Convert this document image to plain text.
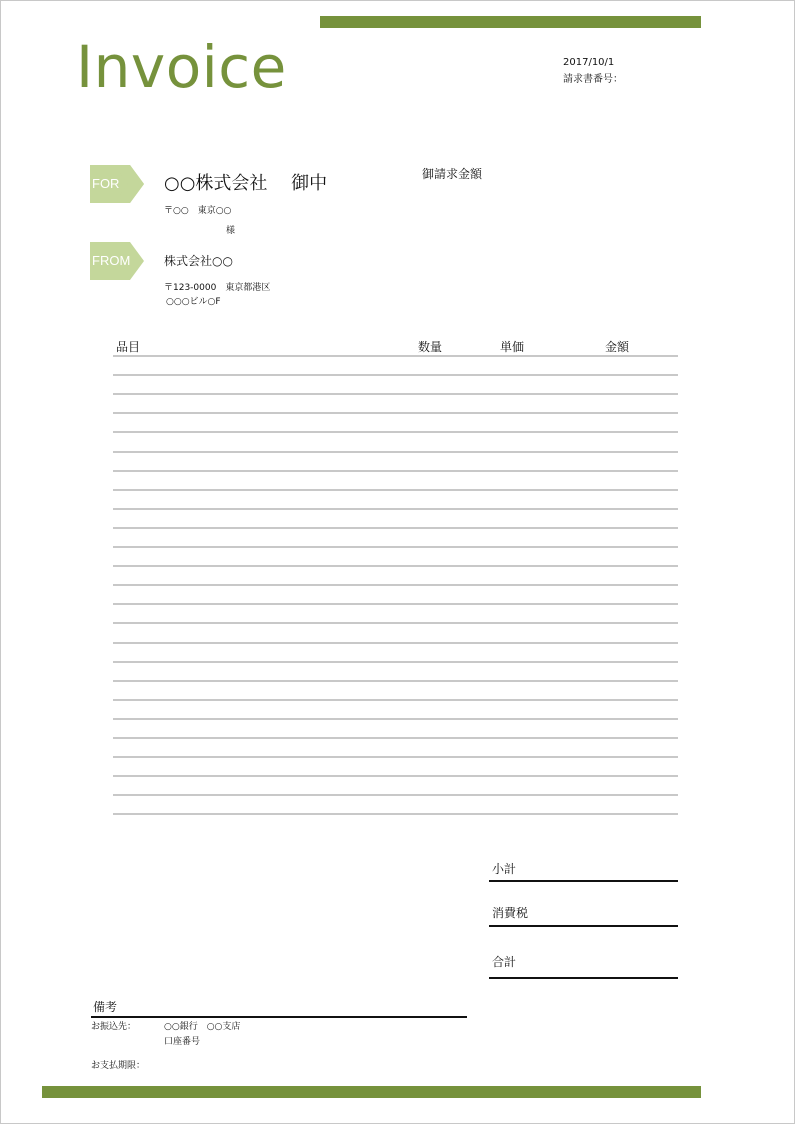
Invoice	2017/10/1
請求書番号：
FOR ○○株式会社　 御中
〒○○　東京○○
様
御請求金額
FROM	株式会社○○
〒123-0000　東京都港区
○○○ビル○F
品目	数量	単価	金額
小計
消費税
合計
備考
お振込先：	○○銀行　○○支店
口座番号
お支払期限：
